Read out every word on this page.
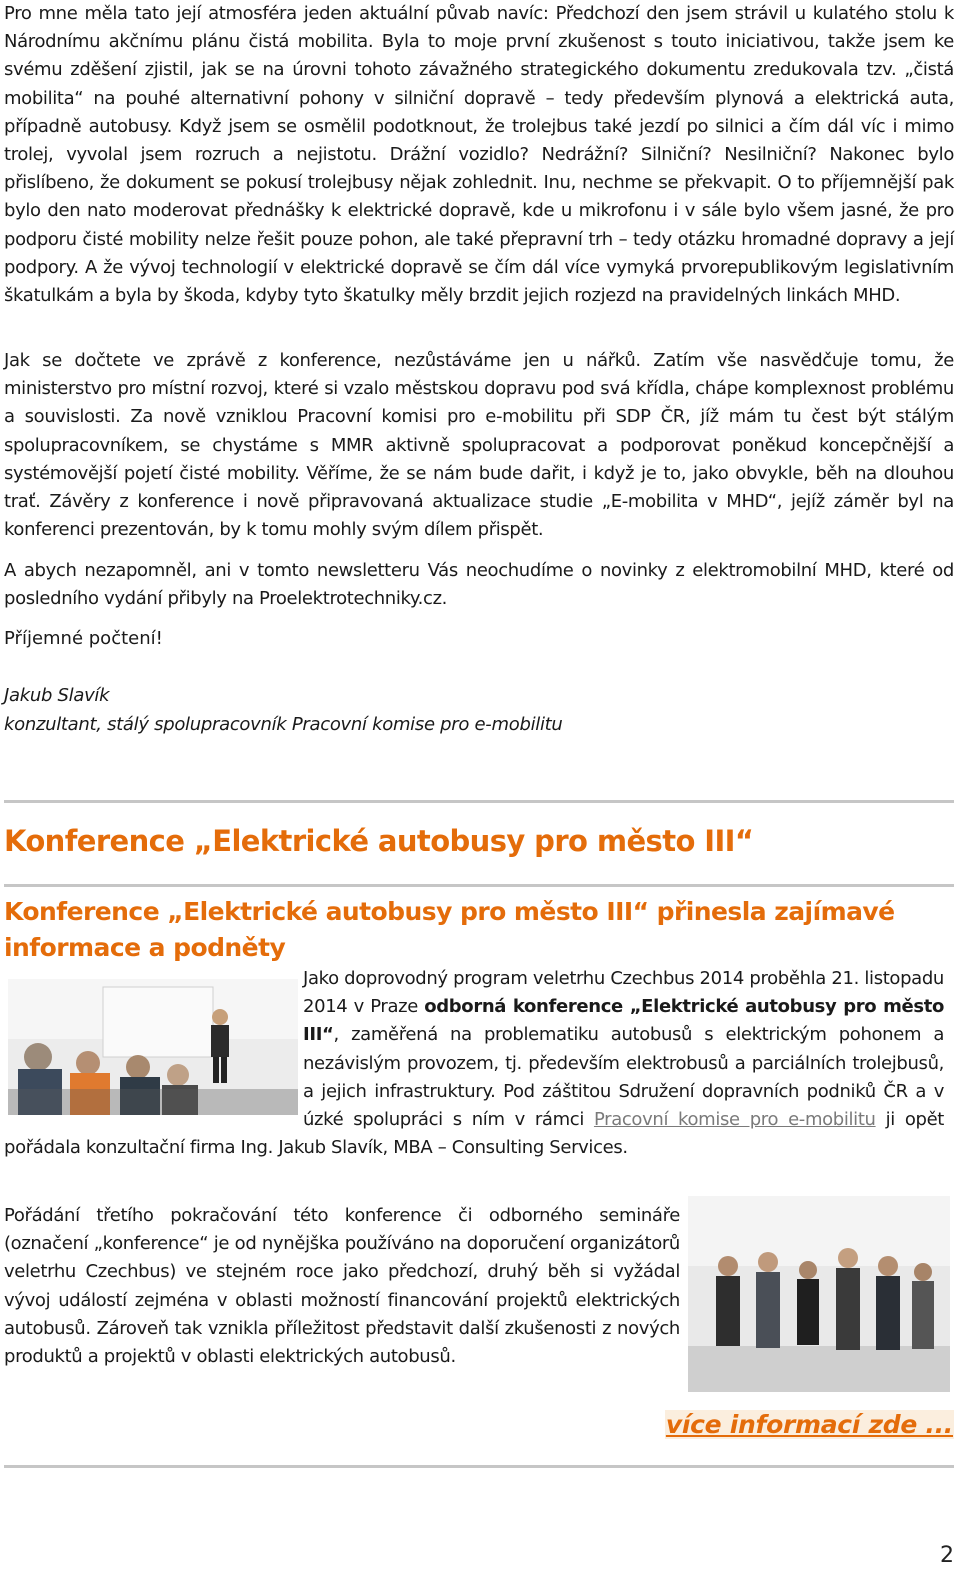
Pro mne měla tato její atmosféra jeden aktuální půvab navíc: Předchozí den jsem strávil u kulatého stolu k Národnímu akčnímu plánu čistá mobilita. Byla to moje první zkušenost s touto iniciativou, takže jsem ke svému zděšení zjistil, jak se na úrovni tohoto závažného strategického dokumentu zredukovala tzv. „čistá mobilita“ na pouhé alternativní pohony v silniční dopravě – tedy především plynová a elektrická auta, případně autobusy. Když jsem se osmělil podotknout, že trolejbus také jezdí po silnici a čím dál víc i mimo trolej, vyvolal jsem rozruch a nejistotu. Drážní vozidlo? Nedrážní? Silniční? Nesilniční? Nakonec bylo přislíbeno, že dokument se pokusí trolejbusy nějak zohlednit. Inu, nechme se překvapit. O to příjemnější pak bylo den nato moderovat přednášky k elektrické dopravě, kde u mikrofonu i v sále bylo všem jasné, že pro podporu čisté mobility nelze řešit pouze pohon, ale také přepravní trh – tedy otázku hromadné dopravy a její podpory. A že vývoj technologií v elektrické dopravě se čím dál více vymyká prvorepublikovým legislativním škatulkám a byla by škoda, kdyby tyto škatulky měly brzdit jejich rozjezd na pravidelných linkách MHD.

Jak se dočtete ve zprávě z konference, nezůstáváme jen u nářků. Zatím vše nasvědčuje tomu, že ministerstvo pro místní rozvoj, které si vzalo městskou dopravu pod svá křídla, chápe komplexnost problému a souvislosti. Za nově vzniklou Pracovní komisi pro e-mobilitu při SDP ČR, jíž mám tu čest být stálým spolupracovníkem, se chystáme s MMR aktivně spolupracovat a podporovat poněkud koncepčnější a systémovější pojetí čisté mobility. Věříme, že se nám bude dařit, i když je to, jako obvykle, běh na dlouhou trať. Závěry z konference i nově připravovaná aktualizace studie „E-mobilita v MHD“, jejíž záměr byl na konferenci prezentován, by k tomu mohly svým dílem přispět.

A abych nezapomněl, ani v tomto newsletteru Vás neochudíme o novinky z elektromobilní MHD, které od posledního vydání přibyly na Proelektrotechniky.cz.

Příjemné počtení!
Jakub Slavík
konzultant, stálý spolupracovník Pracovní komise pro e-mobilitu
Konference „Elektrické autobusy pro město III“
Konference „Elektrické autobusy pro město III“ přinesla zajímavé informace a podněty

Jako doprovodný program veletrhu Czechbus 2014 proběhla 21. listopadu 2014 v Praze odborná konference „Elektrické autobusy pro město III“, zaměřená na problematiku autobusů s elektrickým pohonem a nezávislým provozem, tj. především elektrobusů a parciálních trolejbusů, a jejich infrastruktury. Pod záštitou Sdružení dopravních podniků ČR a v úzké spolupráci s ním v rámci Pracovní komise pro e-mobilitu ji opět pořádala konzultační firma Ing. Jakub Slavík, MBA – Consulting Services.

Pořádání třetího pokračování této konference či odborného semináře (označení „konference“ je od nynějška používáno na doporučení organizátorů veletrhu Czechbus) ve stejném roce jako předchozí, druhý běh si vyžádal vývoj událostí zejména v oblasti možností financování projektů elektrických autobusů. Zároveň tak vznikla příležitost představit další zkušenosti z nových produktů a projektů v oblasti elektrických autobusů.

více informací zde ...
2
